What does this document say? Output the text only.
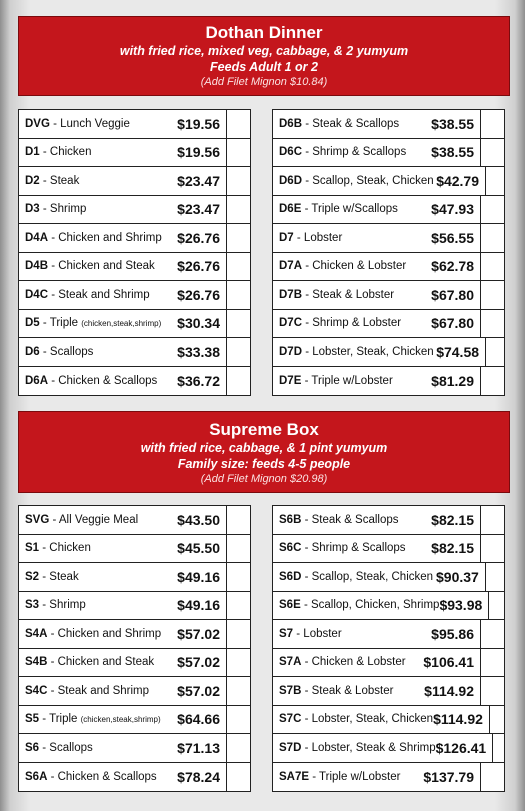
Dothan Dinner
with fried rice, mixed veg, cabbage, & 2 yumyum
Feeds Adult 1 or 2
(Add Filet Mignon $10.84)
DVG - Lunch Veggie	$19.56
D1 - Chicken	$19.56
D2 - Steak	$23.47
D3 - Shrimp	$23.47
D4A - Chicken and Shrimp	$26.76
D4B - Chicken and Steak	$26.76
D4C - Steak and Shrimp	$26.76
D5 - Triple (chicken,steak,shrimp)	$30.34
D6 - Scallops	$33.38
D6A - Chicken & Scallops	$36.72
D6B - Steak & Scallops	$38.55
D6C - Shrimp & Scallops	$38.55
D6D - Scallop, Steak, Chicken $42.79
D6E - Triple w/Scallops	$47.93
D7 - Lobster	$56.55
D7A - Chicken & Lobster	$62.78
D7B - Steak & Lobster	$67.80
D7C - Shrimp & Lobster	$67.80
D7D - Lobster, Steak, Chicken $74.58
D7E - Triple w/Lobster	$81.29
Supreme Box
with fried rice, cabbage, & 1 pint yumyum
Family size: feeds 4-5 people
(Add Filet Mignon $20.98)
SVG - All Veggie Meal	$43.50
S1 - Chicken	$45.50
S2 - Steak	$49.16
S3 - Shrimp	$49.16
S4A - Chicken and Shrimp	$57.02
S4B - Chicken and Steak	$57.02
S4C - Steak and Shrimp	$57.02
S5 - Triple (chicken,steak,shrimp)	$64.66
S6 - Scallops	$71.13
S6A - Chicken & Scallops	$78.24
S6B - Steak & Scallops	$82.15
S6C - Shrimp & Scallops	$82.15
S6D - Scallop, Steak, Chicken $90.37
S6E - Scallop, Chicken, Shrimp $93.98
S7 - Lobster	$95.86
S7A - Chicken & Lobster	$106.41
S7B - Steak & Lobster	$114.92
S7C - Lobster, Steak, Chicken $114.92
S7D - Lobster, Steak & Shrimp $126.41
SA7E - Triple w/Lobster	$137.79
